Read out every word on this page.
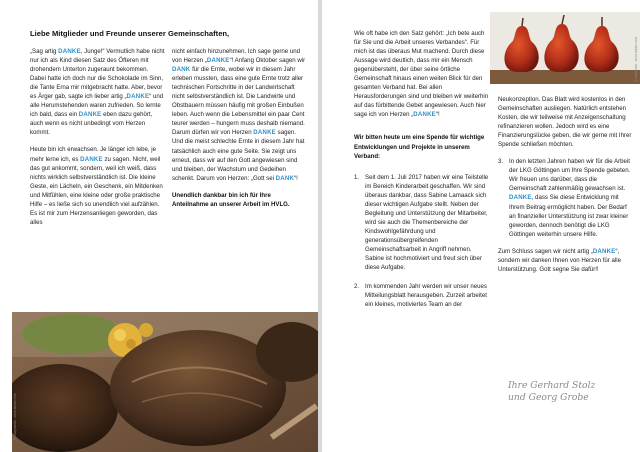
Liebe Mitglieder und Freunde unserer Gemeinschaften,

„Sag artig DANKE, Junge!“ Vermutlich habe nicht nur ich als Kind diesen Satz des Öfteren mit drohendem Unterton zugeraunt bekommen. Dabei hatte ich doch nur die Schokolade im Sinn, die Tante Erna mir mitgebracht hatte. Aber, bevor es Ärger gab, sagte ich lieber artig „DANKE“ und alle Herumstehenden waren zufrieden. So lernte ich bald, dass ein DANKE eben dazu gehört, auch wenn es nicht unbedingt vom Herzen kommt.

Heute bin ich erwachsen. Je länger ich lebe, je mehr lerne ich, es DANKE zu sagen. Nicht, weil das gut ankommt, sondern, weil ich weiß, dass nichts wirklich selbstverständlich ist. Die kleine Geste, ein Lächeln, ein Geschenk, ein Mitdenken und Mitfühlen, eine kleine oder große praktische Hilfe – es ließe sich so unendlich viel aufzählen. Es ist mir zum Herzensanliegen geworden, das alles

nicht einfach hinzunehmen. Ich sage gerne und von Herzen „DANKE“! Anfang Oktober sagen wir DANK für die Ernte, wobei wir in diesem Jahr erleben mussten, dass eine gute Ernte trotz aller technischen Fortschritte in der Landwirtschaft nicht selbstverständlich ist. Die Landwirte und Obstbauern müssen häufig mit großen Einbußen leben. Auch wenn die Lebensmittel ein paar Cent teurer werden – hungern muss deshalb niemand. Darum dürfen wir von Herzen DANKE sagen. Und die meist schlechte Ernte in diesem Jahr hat tatsächlich auch eine gute Seite. Sie zeigt uns erneut, dass wir auf den Gott angewiesen sind und bleiben, der Wachstum und Gedeihen schenkt. Darum von Herzen: „Gott sei DANK“!

Unendlich dankbar bin ich für Ihre Anteilnahme an unserer Arbeit im HVLG.

© crazymedia - stock.adobe.com

Wie oft habe ich den Satz gehört: „Ich bete auch für Sie und die Arbeit unseres Verbandes“. Für mich ist das überaus Mut machend. Durch diese Aussage wird deutlich, dass mir ein Mensch gegenübersteht, der über seine örtliche Gemeinschaft hinaus einen weiten Blick für den gesamten Verband hat. Bei allen Herausforderungen sind und bleiben wir weiterhin auf das fürbittende Gebet angewiesen. Auch hier sage ich von Herzen „DANKE“!

Wir bitten heute um eine Spende für wichtige Entwicklungen und Projekte in unserem Verband:

1. Seit dem 1. Juli 2017 haben wir eine Teilstelle im Bereich Kinderarbeit geschaffen. Wir sind überaus dankbar, dass Sabine Lamaack sich dieser wichtigen Aufgabe stellt. Neben der Begleitung und Unterstützung der Mitarbeiter, wird sie auch die Themenbereiche der Kindswohlgefährdung und generationsübergreifenden Gemeinschaftsarbeit in Angriff nehmen. Sabine ist hochmotiviert und freut sich über diese Aufgabe.
2. Im kommenden Jahr werden wir unser neues Mitteilungsblatt herausgeben. Zurzeit arbeitet ein kleines, motiviertes Team an der
© ina/photos · stock.adobe.com

Neukonzeption. Das Blatt wird kostenlos in den Gemeinschaften ausliegen. Natürlich entstehen Kosten, die wir teilweise mit Anzeigenschaltung refinanzieren wollen. Jedoch wird es eine Finanzierungslücke geben, die wir gerne mit Ihrer Spende schließen möchten.

3. In den letzten Jahren haben wir für die Arbeit der LKG Göttingen um Ihre Spende gebeten. Wir freuen uns darüber, dass die Gemeinschaft zahlenmäßig gewachsen ist. DANKE, dass Sie diese Entwicklung mit Ihrem Beitrag ermöglicht haben. Der Bedarf an finanzieller Unterstützung ist zwar kleiner geworden, dennoch benötigt die LKG Göttingen weiterhin unsere Hilfe.

Zum Schluss sagen wir nicht artig „DANKE“, sondern wir danken Ihnen von Herzen für alle Unterstützung. Gott segne Sie dafür!!

Ihre Gerhard Stolz
und Georg Grobe
